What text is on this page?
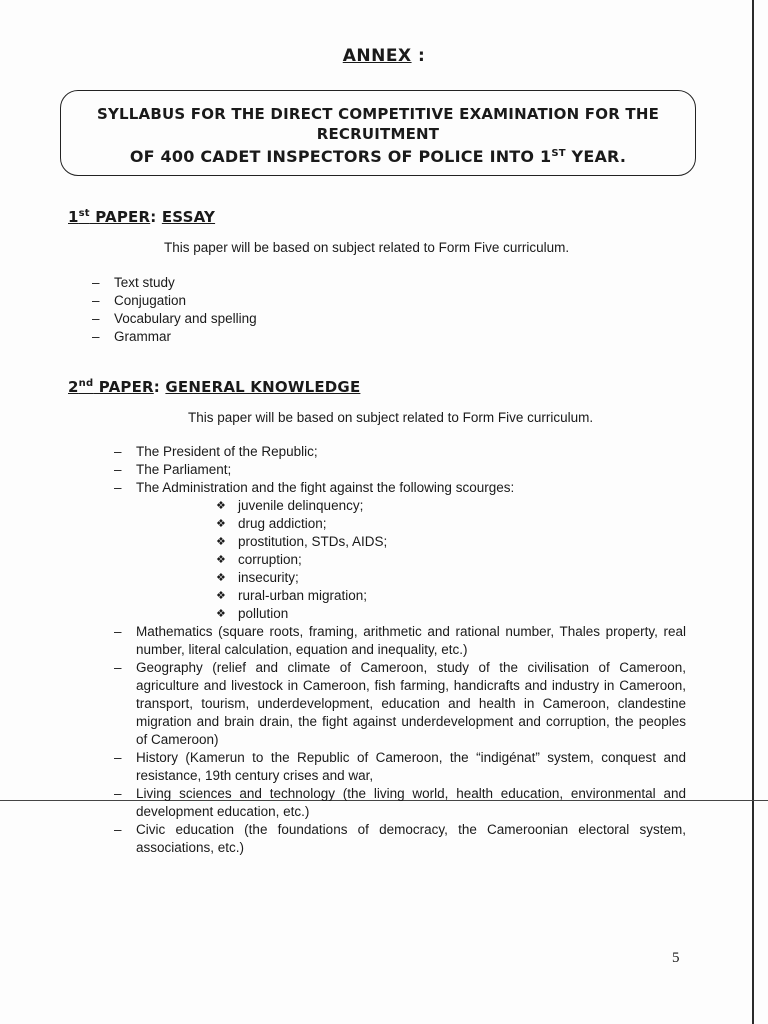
ANNEX :
SYLLABUS FOR THE DIRECT COMPETITIVE EXAMINATION FOR THE
RECRUITMENT
OF 400 CADET INSPECTORS OF POLICE INTO 1ST YEAR.
1st PAPER: ESSAY
This paper will be based on subject related to Form Five curriculum.
–	Text study
–	Conjugation
–	Vocabulary and spelling
–	Grammar
2nd PAPER: GENERAL KNOWLEDGE
This paper will be based on subject related to Form Five curriculum.
–	The President of the Republic;
–	The Parliament;
–	The Administration and the fight against the following scourges:
❖ juvenile delinquency;
❖ drug addiction;
❖ prostitution, STDs, AIDS;
❖ corruption;
❖ insecurity;
❖ rural-urban migration;
❖ pollution
–	Mathematics (square roots, framing, arithmetic and rational number, Thales property, real number, literal calculation, equation and inequality, etc.)
–	Geography (relief and climate of Cameroon, study of the civilisation of Cameroon, agriculture and livestock in Cameroon, fish farming, handicrafts and industry in Cameroon, transport, tourism, underdevelopment, education and health in Cameroon, clandestine migration and brain drain, the fight against underdevelopment and corruption, the peoples of Cameroon)
–	History (Kamerun to the Republic of Cameroon, the “indigénat” system, conquest and resistance, 19th century crises and war,
–	Living sciences and technology (the living world, health education, environmental and development education, etc.)
–	Civic education (the foundations of democracy, the Cameroonian electoral system, associations, etc.)
5
